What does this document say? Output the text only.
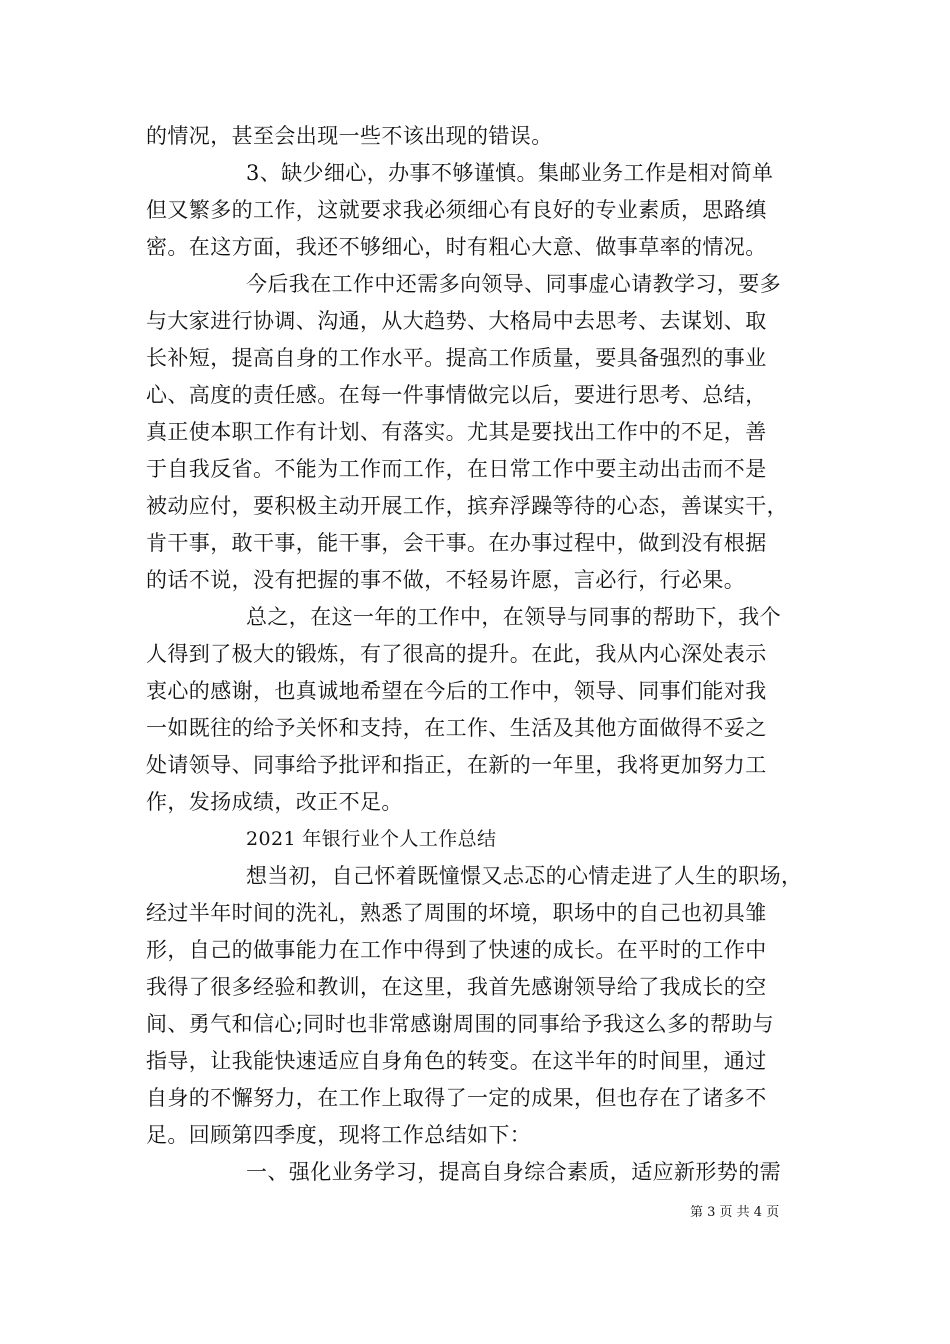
的情况，甚至会出现一些不该出现的错误。
3、缺少细心，办事不够谨慎。集邮业务工作是相对简单
但又繁多的工作，这就要求我必须细心有良好的专业素质，思路缜
密。在这方面，我还不够细心，时有粗心大意、做事草率的情况。
今后我在工作中还需多向领导、同事虚心请教学习，要多
与大家进行协调、沟通，从大趋势、大格局中去思考、去谋划、取
长补短，提高自身的工作水平。提高工作质量，要具备强烈的事业
心、高度的责任感。在每一件事情做完以后，要进行思考、总结，
真正使本职工作有计划、有落实。尤其是要找出工作中的不足，善
于自我反省。不能为工作而工作，在日常工作中要主动出击而不是
被动应付，要积极主动开展工作，摈弃浮躁等待的心态，善谋实干，
肯干事，敢干事，能干事，会干事。在办事过程中，做到没有根据
的话不说，没有把握的事不做，不轻易许愿，言必行，行必果。
总之，在这一年的工作中，在领导与同事的帮助下，我个
人得到了极大的锻炼，有了很高的提升。在此，我从内心深处表示
衷心的感谢，也真诚地希望在今后的工作中，领导、同事们能对我
一如既往的给予关怀和支持，在工作、生活及其他方面做得不妥之
处请领导、同事给予批评和指正，在新的一年里，我将更加努力工
作，发扬成绩，改正不足。
2021 年银行业个人工作总结
想当初，自己怀着既憧憬又忐忑的心情走进了人生的职场，
经过半年时间的洗礼，熟悉了周围的坏境，职场中的自己也初具雏
形，自己的做事能力在工作中得到了快速的成长。在平时的工作中
我得了很多经验和教训，在这里，我首先感谢领导给了我成长的空
间、勇气和信心;同时也非常感谢周围的同事给予我这么多的帮助与
指导，让我能快速适应自身角色的转变。在这半年的时间里，通过
自身的不懈努力，在工作上取得了一定的成果，但也存在了诸多不
足。回顾第四季度，现将工作总结如下：
一、强化业务学习，提高自身综合素质，适应新形势的需
第 3 页 共 4 页
